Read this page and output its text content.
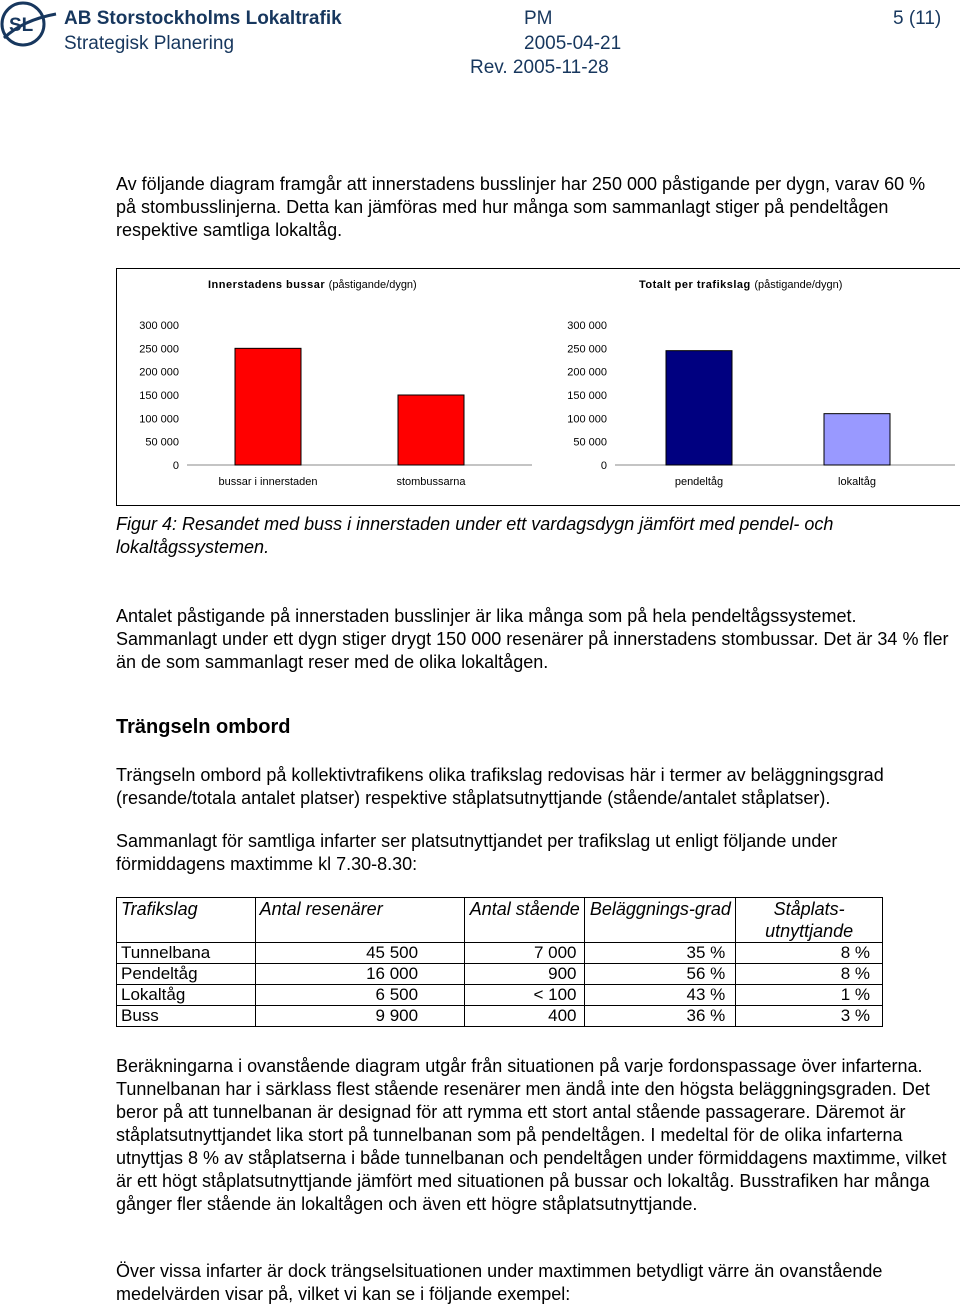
SL AB Storstockholms Lokaltrafik
Strategisk Planering
PM
2005-04-21
Rev. 2005-11-28
5 (11)

Av följande diagram framgår att innerstadens busslinjer har 250 000 påstigande per dygn, varav 60 % på stombusslinjerna. Detta kan jämföras med hur många som sammanlagt stiger på pendeltågen respektive samtliga lokaltåg.

Innerstadens bussar (påstigande/dygn)
300 000
250 000
200 000
150 000
100 000
50 000
0
bussar i innerstaden	stombussarna
Totalt per trafikslag (påstigande/dygn)
300 000
250 000
200 000
150 000
100 000
50 000
0
pendeltåg	lokaltåg

Figur 4: Resandet med buss i innerstaden under ett vardagsdygn jämfört med pendel- och lokaltågssystemen.

Antalet påstigande på innerstaden busslinjer är lika många som på hela pendeltågssystemet. Sammanlagt under ett dygn stiger drygt 150 000 resenärer på innerstadens stombussar. Det är 34 % fler än de som sammanlagt reser med de olika lokaltågen.

Trängseln ombord

Trängseln ombord på kollektivtrafikens olika trafikslag redovisas här i termer av beläggningsgrad (resande/totala antalet platser) respektive ståplatsutnyttjande (stående/antalet ståplatser).

Sammanlagt för samtliga infarter ser platsutnyttjandet per trafikslag ut enligt följande under förmiddagens maxtimme kl 7.30-8.30:

Trafikslag	Antal resenärer	Antal stående	Beläggnings-grad	Ståplats-utnyttjande
Tunnelbana	45 500	7 000	35 %	8 %
Pendeltåg	16 000	900	56 %	8 %
Lokaltåg	6 500	< 100	43 %	1 %
Buss	9 900	400	36 %	3 %

Beräkningarna i ovanstående diagram utgår från situationen på varje fordonspassage över infarterna. Tunnelbanan har i särklass flest stående resenärer men ändå inte den högsta beläggningsgraden. Det beror på att tunnelbanan är designad för att rymma ett stort antal stående passagerare. Däremot är ståplatsutnyttjandet lika stort på tunnelbanan som på pendeltågen. I medeltal för de olika infarterna utnyttjas 8 % av ståplatserna i både tunnelbanan och pendeltågen under förmiddagens maxtimme, vilket är ett högt ståplatsutnyttjande jämfört med situationen på bussar och lokaltåg. Busstrafiken har många gånger fler stående än lokaltågen och även ett högre ståplatsutnyttjande.

Över vissa infarter är dock trängselsituationen under maxtimmen betydligt värre än ovanstående medelvärden visar på, vilket vi kan se i följande exempel:
